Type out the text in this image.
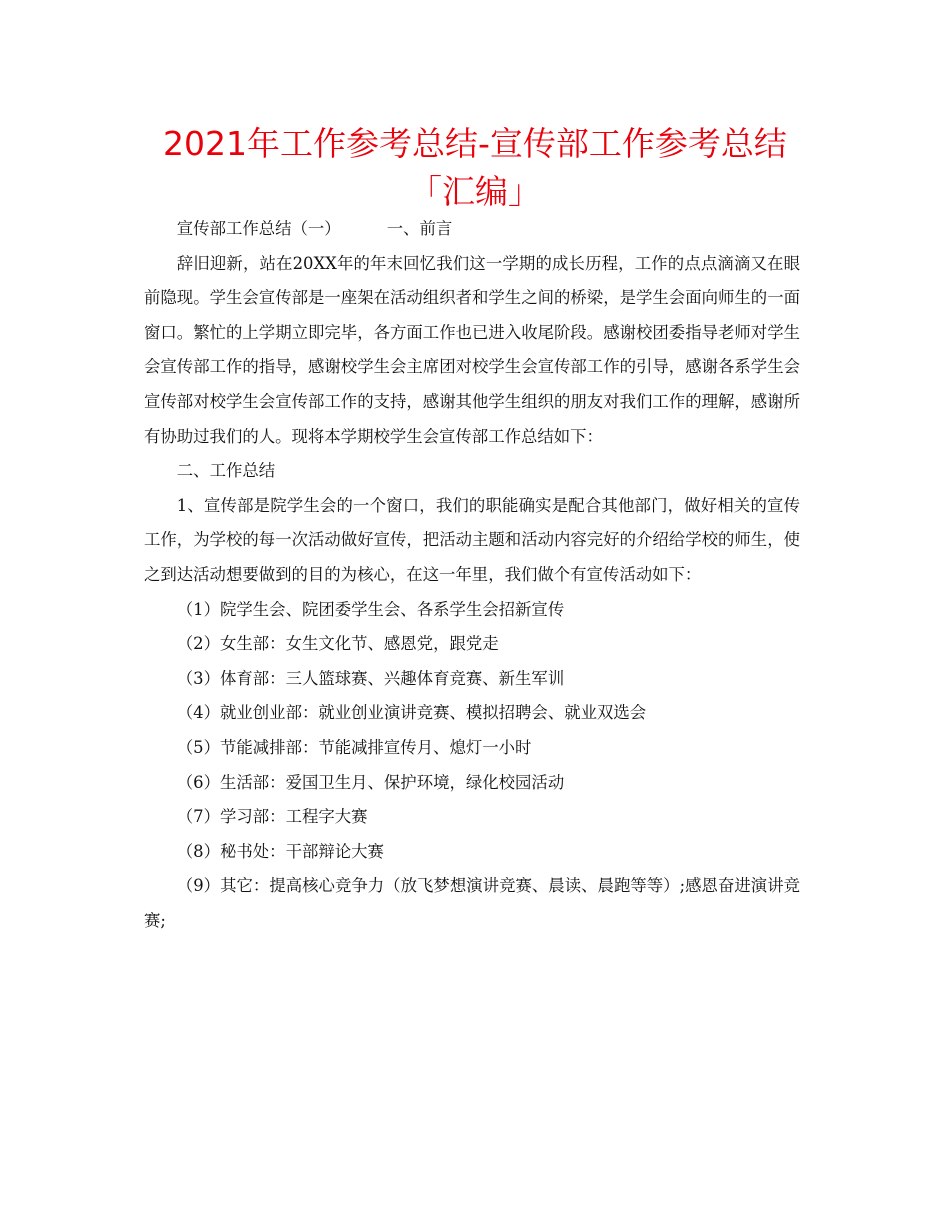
2021年工作参考总结-宣传部工作参考总结「汇编」

宣传部工作总结（一）	一、前言

辞旧迎新，站在20XX年的年末回忆我们这一学期的成长历程，工作的点点滴滴又在眼前隐现。学生会宣传部是一座架在活动组织者和学生之间的桥梁，是学生会面向师生的一面窗口。繁忙的上学期立即完毕，各方面工作也已进入收尾阶段。感谢校团委指导老师对学生会宣传部工作的指导，感谢校学生会主席团对校学生会宣传部工作的引导，感谢各系学生会宣传部对校学生会宣传部工作的支持，感谢其他学生组织的朋友对我们工作的理解，感谢所有协助过我们的人。现将本学期校学生会宣传部工作总结如下：

二、工作总结

1、宣传部是院学生会的一个窗口，我们的职能确实是配合其他部门，做好相关的宣传工作，为学校的每一次活动做好宣传，把活动主题和活动内容完好的介绍给学校的师生，使之到达活动想要做到的目的为核心，在这一年里，我们做个有宣传活动如下：

（1）院学生会、院团委学生会、各系学生会招新宣传

（2）女生部：女生文化节、感恩党，跟党走

（3）体育部：三人篮球赛、兴趣体育竞赛、新生军训

（4）就业创业部：就业创业演讲竞赛、模拟招聘会、就业双选会

（5）节能减排部：节能减排宣传月、熄灯一小时

（6）生活部：爱国卫生月、保护环境，绿化校园活动

（7）学习部：工程字大赛

（8）秘书处：干部辩论大赛

（9）其它：提高核心竞争力（放飞梦想演讲竞赛、晨读、晨跑等等）;感恩奋进演讲竞赛;
